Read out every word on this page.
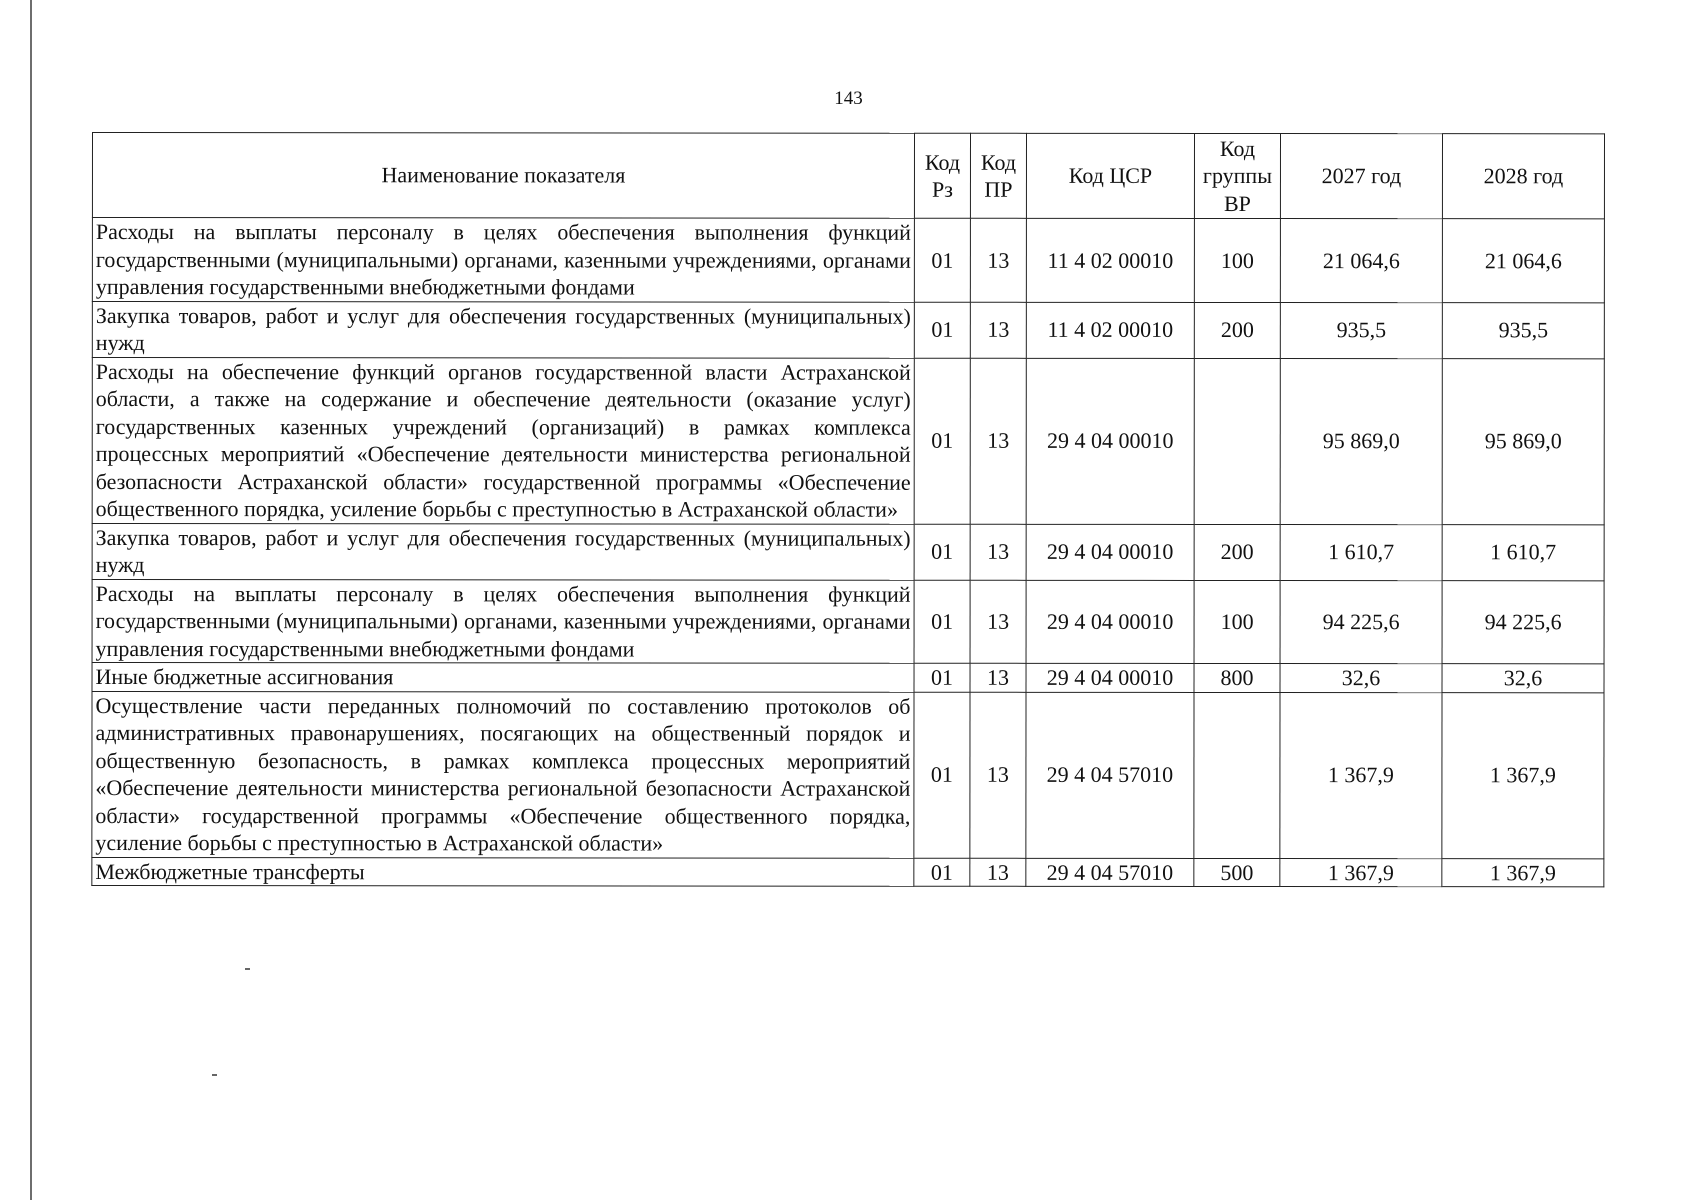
143
Наименование показателя	Код Рз	Код ПР	Код ЦСР	Код группы ВР	2027 год	2028 год
Расходы на выплаты персоналу в целях обеспечения выполнения функций государственными (муниципальными) органами, казенными учреждениями, органами управления государственными внебюджетными фондами	01	13	11 4 02 00010	100	21 064,6	21 064,6
Закупка товаров, работ и услуг для обеспечения государственных (муниципальных) нужд	01	13	11 4 02 00010	200	935,5	935,5
Расходы на обеспечение функций органов государственной власти Астраханской области, а также на содержание и обеспечение деятельности (оказание услуг) государственных казенных учреждений (организаций) в рамках комплекса процессных мероприятий «Обеспечение деятельности министерства региональной безопасности Астраханской области» государственной программы «Обеспечение общественного порядка, усиление борьбы с преступностью в Астраханской области»	01	13	29 4 04 00010		95 869,0	95 869,0
Закупка товаров, работ и услуг для обеспечения государственных (муниципальных) нужд	01	13	29 4 04 00010	200	1 610,7	1 610,7
Расходы на выплаты персоналу в целях обеспечения выполнения функций государственными (муниципальными) органами, казенными учреждениями, органами управления государственными внебюджетными фондами	01	13	29 4 04 00010	100	94 225,6	94 225,6
Иные бюджетные ассигнования	01	13	29 4 04 00010	800	32,6	32,6
Осуществление части переданных полномочий по составлению протоколов об административных правонарушениях, посягающих на общественный порядок и общественную безопасность, в рамках комплекса процессных мероприятий «Обеспечение деятельности министерства региональной безопасности Астраханской области» государственной программы «Обеспечение общественного порядка, усиление борьбы с преступностью в Астраханской области»	01	13	29 4 04 57010		1 367,9	1 367,9
Межбюджетные трансферты	01	13	29 4 04 57010	500	1 367,9	1 367,9
